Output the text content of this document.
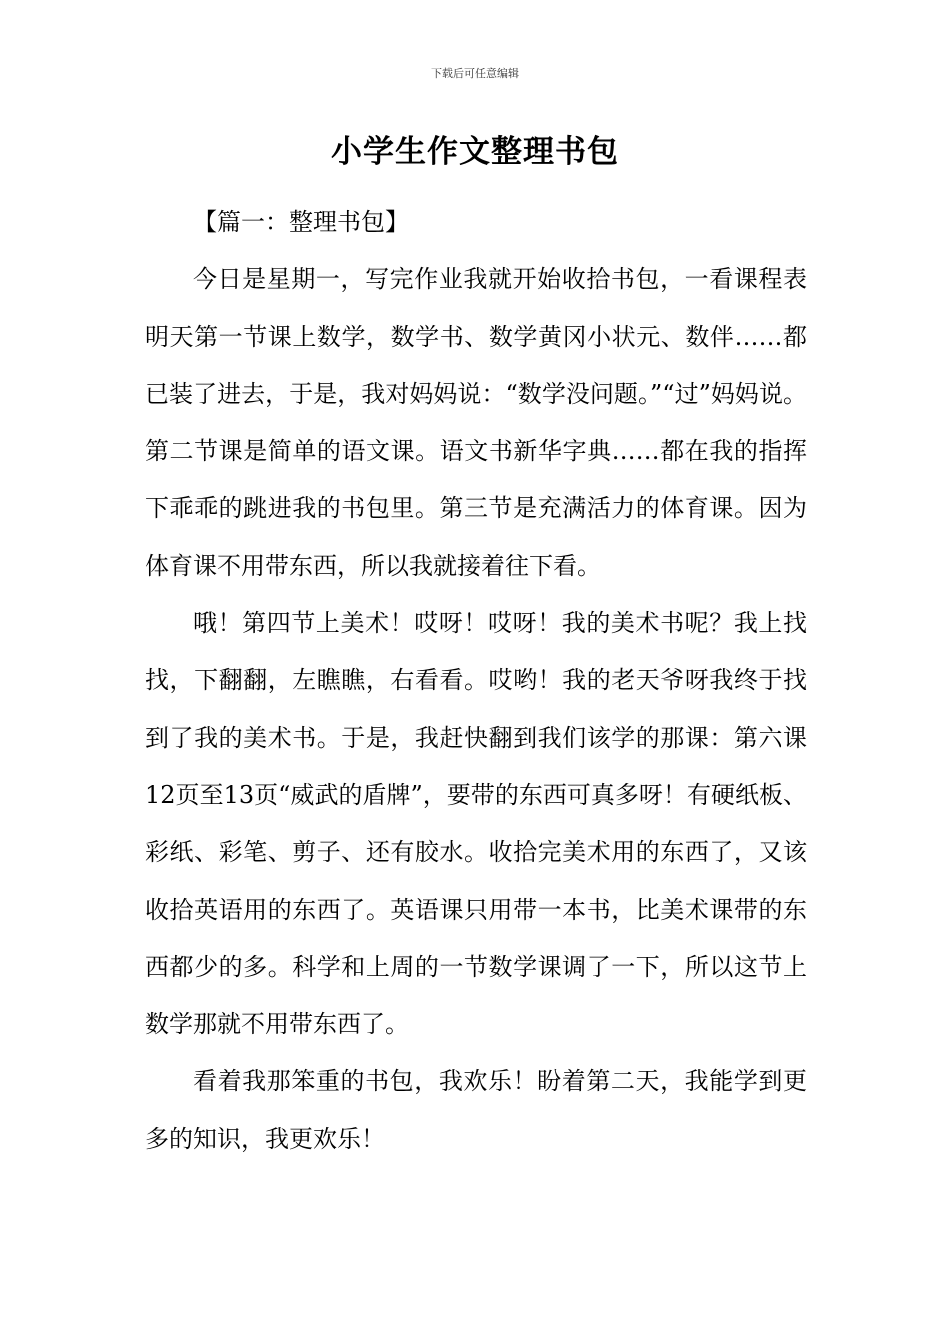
下载后可任意编辑
小学生作文整理书包

【篇一：整理书包】

今日是星期一，写完作业我就开始收拾书包，一看课程表明天第一节课上数学，数学书、数学黄冈小状元、数伴……都已装了进去，于是，我对妈妈说：“数学没问题。”“过”妈妈说。第二节课是简单的语文课。语文书新华字典……都在我的指挥下乖乖的跳进我的书包里。第三节是充满活力的体育课。因为体育课不用带东西，所以我就接着往下看。

哦！第四节上美术！哎呀！哎呀！我的美术书呢？我上找找，下翻翻，左瞧瞧，右看看。哎哟！我的老天爷呀我终于找到了我的美术书。于是，我赶快翻到我们该学的那课：第六课12页至13页“威武的盾牌”，要带的东西可真多呀！有硬纸板、彩纸、彩笔、剪子、还有胶水。收拾完美术用的东西了，又该收拾英语用的东西了。英语课只用带一本书，比美术课带的东西都少的多。科学和上周的一节数学课调了一下，所以这节上数学那就不用带东西了。

看着我那笨重的书包，我欢乐！盼着第二天，我能学到更多的知识，我更欢乐！
